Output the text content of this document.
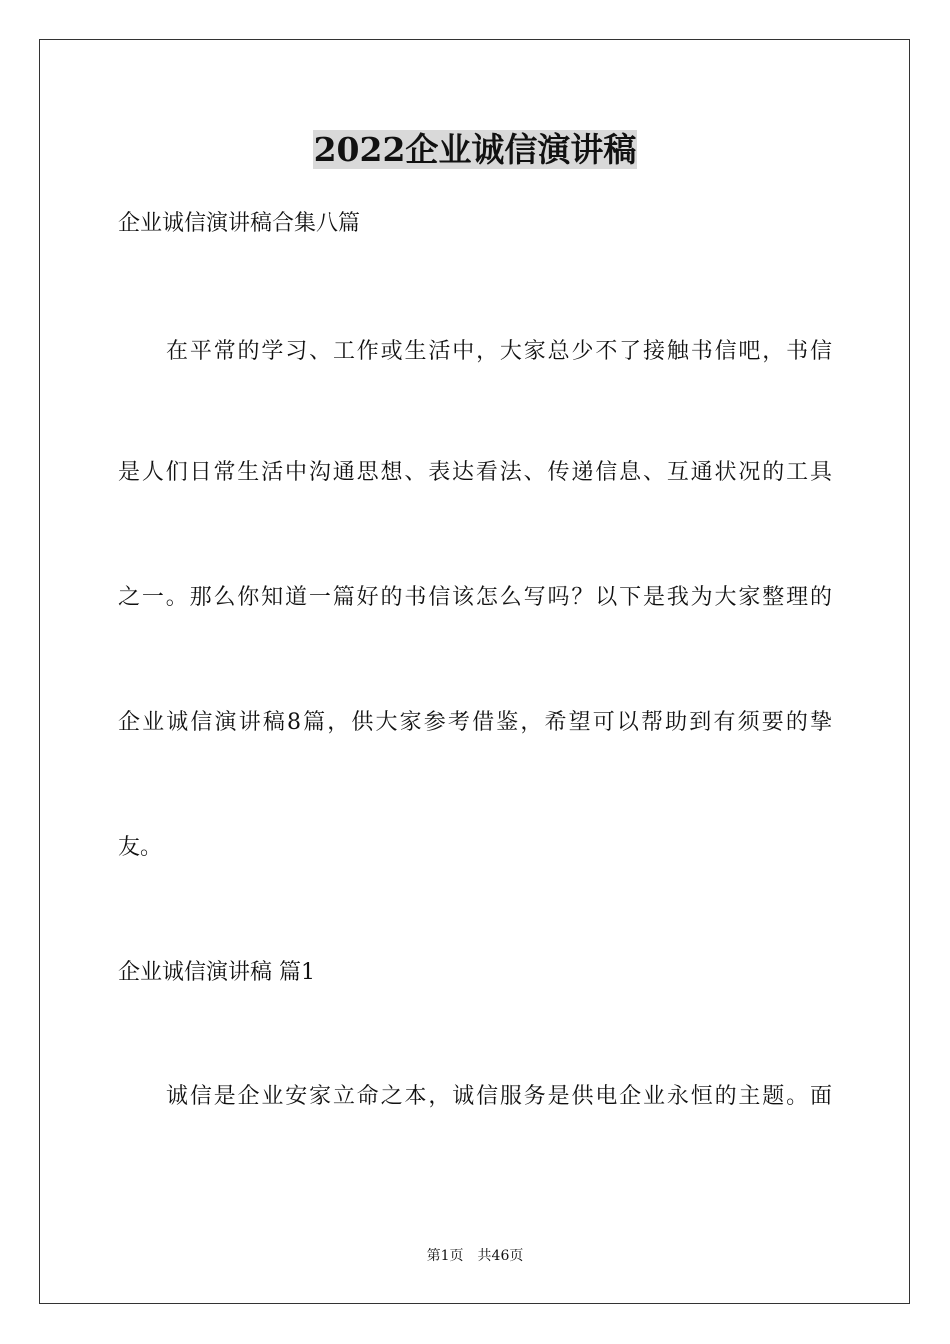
2022企业诚信演讲稿
企业诚信演讲稿合集八篇
在平常的学习、工作或生活中，大家总少不了接触书信吧，书信
是人们日常生活中沟通思想、表达看法、传递信息、互通状况的工具
之一。那么你知道一篇好的书信该怎么写吗？以下是我为大家整理的
企业诚信演讲稿8篇，供大家参考借鉴，希望可以帮助到有须要的挚
友。
企业诚信演讲稿 篇1
诚信是企业安家立命之本，诚信服务是供电企业永恒的主题。面
第1页　共46页
